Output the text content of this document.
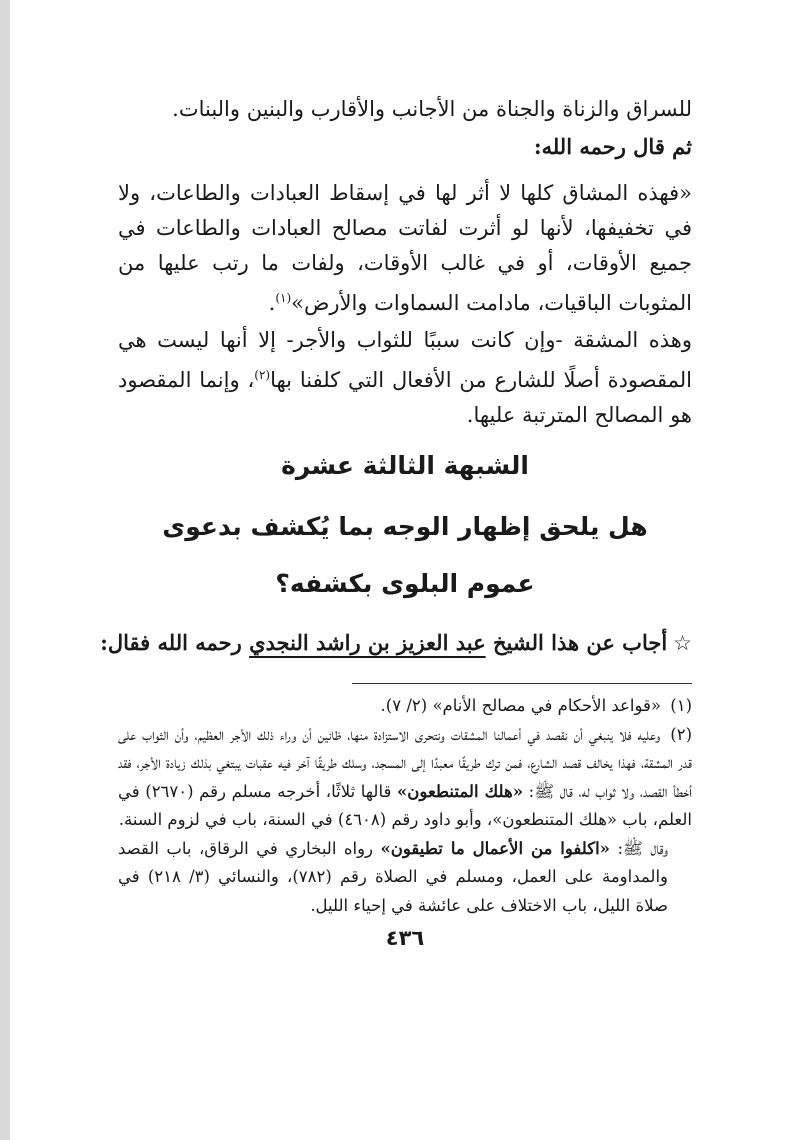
للسراق والزناة والجناة من الأجانب والأقارب والبنين والبنات.

ثم قال رحمه الله:

«فهذه المشاق كلها لا أثر لها في إسقاط العبادات والطاعات، ولا في تخفيفها، لأنها لو أثرت لفاتت مصالح العبادات والطاعات في جميع الأوقات، أو في غالب الأوقات، ولفات ما رتب عليها من المثوبات الباقيات، مادامت السماوات والأرض»$^{(١)}$.

وهذه المشقة -وإن كانت سببًا للثواب والأجر- إلا أنها ليست هي المقصودة أصلًا للشارع من الأفعال التي كلفنا بها$^{(٢)}$، وإنما المقصود هو المصالح المترتبة عليها.

الشبهة الثالثة عشرة
هل يلحق إظهار الوجه بما يُكشف بدعوى
عموم البلوى بكشفه؟

☆أجاب عن هذا الشيخ عبد العزيز بن راشد النجدي رحمه الله فقال:

(١) «قواعد الأحكام في مصالح الأنام» (٢/ ٧).

(٢) وعليه فلا ينبغي أن نقصد في أعمالنا المشقات ونتحرى الاستزادة منها، ظانين أن وراء ذلك الأجر العظيم، وأن الثواب على قدر المشقة، فهذا يخالف قصد الشارع، فمن ترك طريقًا معبدًا إلى المسجد، وسلك طريقًا آخر فيه عقبات يبتغي بذلك زيادة الأجر، فقد أخطأ القصد، ولا ثواب له، قال ﷺ: «هلك المتنطعون» قالها ثلاثًا، أخرجه مسلم رقم (٢٦٧٠) في العلم، باب «هلك المتنطعون»، وأبو داود رقم (٤٦٠٨) في السنة، باب في لزوم السنة.

وقال ﷺ: «اكلفوا من الأعمال ما تطيقون» رواه البخاري في الرقاق، باب القصد والمداومة على العمل، ومسلم في الصلاة رقم (٧٨٢)، والنسائي (٣/ ٢١٨) في صلاة الليل، باب الاختلاف على عائشة في إحياء الليل.

٤٣٦
